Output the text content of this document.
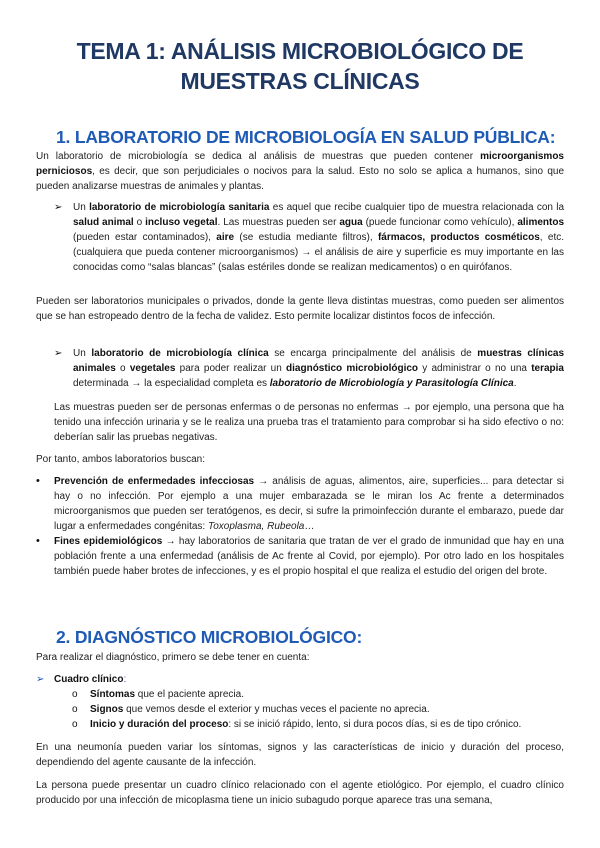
TEMA 1: ANÁLISIS MICROBIOLÓGICO DE
MUESTRAS CLÍNICAS
1. LABORATORIO DE MICROBIOLOGÍA EN SALUD PÚBLICA:

Un laboratorio de microbiología se dedica al análisis de muestras que pueden contener microorganismos perniciosos, es decir, que son perjudiciales o nocivos para la salud. Esto no solo se aplica a humanos, sino que pueden analizarse muestras de animales y plantas.

➢ Un laboratorio de microbiología sanitaria es aquel que recibe cualquier tipo de muestra relacionada con la salud animal o incluso vegetal. Las muestras pueden ser agua (puede funcionar como vehículo), alimentos (pueden estar contaminados), aire (se estudia mediante filtros), fármacos, productos cosméticos, etc. (cualquiera que pueda contener microorganismos) → el análisis de aire y superficie es muy importante en las conocidas como “salas blancas” (salas estériles donde se realizan medicamentos) o en quirófanos.

Pueden ser laboratorios municipales o privados, donde la gente lleva distintas muestras, como pueden ser alimentos que se han estropeado dentro de la fecha de validez. Esto permite localizar distintos focos de infección.

➢ Un laboratorio de microbiología clínica se encarga principalmente del análisis de muestras clínicas animales o vegetales para poder realizar un diagnóstico microbiológico y administrar o no una terapia determinada → la especialidad completa es laboratorio de Microbiología y Parasitología Clínica.

Las muestras pueden ser de personas enfermas o de personas no enfermas → por ejemplo, una persona que ha tenido una infección urinaria y se le realiza una prueba tras el tratamiento para comprobar si ha sido efectivo o no: deberían salir las pruebas negativas.

Por tanto, ambos laboratorios buscan:

• Prevención de enfermedades infecciosas → análisis de aguas, alimentos, aire, superficies... para detectar si hay o no infección. Por ejemplo a una mujer embarazada se le miran los Ac frente a determinados microorganismos que pueden ser teratógenos, es decir, si sufre la primoinfección durante el embarazo, puede dar lugar a enfermedades congénitas: Toxoplasma, Rubeola…

• Fines epidemiológicos → hay laboratorios de sanitaria que tratan de ver el grado de inmunidad que hay en una población frente a una enfermedad (análisis de Ac frente al Covid, por ejemplo). Por otro lado en los hospitales también puede haber brotes de infecciones, y es el propio hospital el que realiza el estudio del origen del brote.

2. DIAGNÓSTICO MICROBIOLÓGICO:

Para realizar el diagnóstico, primero se debe tener en cuenta:

➢ Cuadro clínico:

o Síntomas que el paciente aprecia.

o Signos que vemos desde el exterior y muchas veces el paciente no aprecia.

o Inicio y duración del proceso: si se inició rápido, lento, si dura pocos días, si es de tipo crónico.

En una neumonía pueden variar los síntomas, signos y las características de inicio y duración del proceso, dependiendo del agente causante de la infección.

La persona puede presentar un cuadro clínico relacionado con el agente etiológico. Por ejemplo, el cuadro clínico producido por una infección de micoplasma tiene un inicio subagudo porque aparece tras una semana,
